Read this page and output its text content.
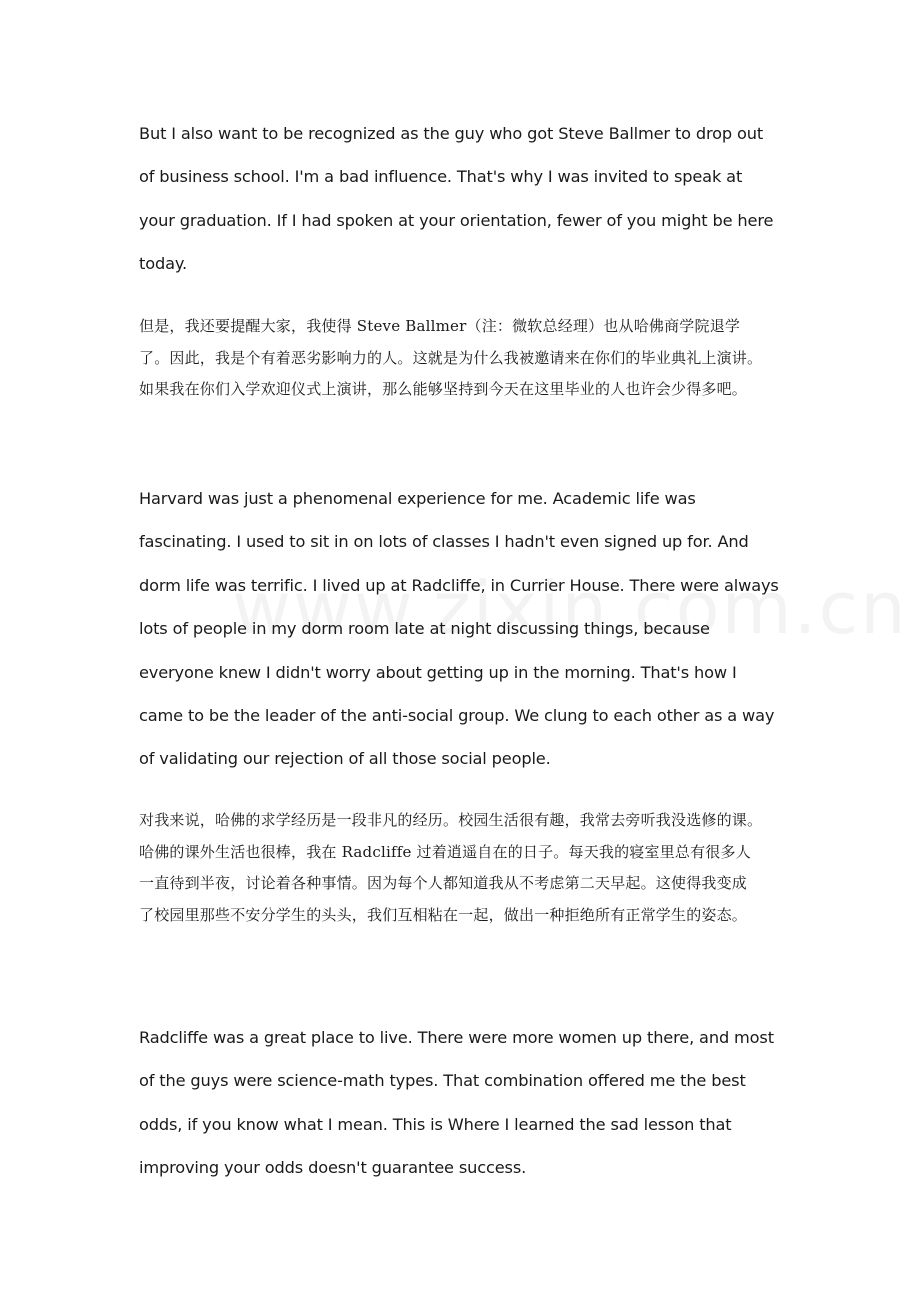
But I also want to be recognized as the guy who got Steve Ballmer to drop out
of business school. I'm a bad influence. That's why I was invited to speak at
your graduation. If I had spoken at your orientation, fewer of you might be here
today.

但是，我还要提醒大家，我使得 Steve Ballmer（注：微软总经理）也从哈佛商学院退学
了。因此，我是个有着恶劣影响力的人。这就是为什么我被邀请来在你们的毕业典礼上演讲。
如果我在你们入学欢迎仪式上演讲，那么能够坚持到今天在这里毕业的人也许会少得多吧。

Harvard was just a phenomenal experience for me. Academic life was
fascinating. I used to sit in on lots of classes I hadn't even signed up for. And
dorm life was terrific. I lived up at Radcliffe, in Currier House. There were always
lots of people in my dorm room late at night discussing things, because
everyone knew I didn't worry about getting up in the morning. That's how I
came to be the leader of the anti-social group. We clung to each other as a way
of validating our rejection of all those social people.

对我来说，哈佛的求学经历是一段非凡的经历。校园生活很有趣，我常去旁听我没选修的课。
哈佛的课外生活也很棒，我在 Radcliffe 过着逍遥自在的日子。每天我的寝室里总有很多人
一直待到半夜，讨论着各种事情。因为每个人都知道我从不考虑第二天早起。这使得我变成
了校园里那些不安分学生的头头，我们互相粘在一起，做出一种拒绝所有正常学生的姿态。

Radcliffe was a great place to live. There were more women up there, and most
of the guys were science-math types. That combination offered me the best
odds, if you know what I mean. This is Where I learned the sad lesson that
improving your odds doesn't guarantee success.
